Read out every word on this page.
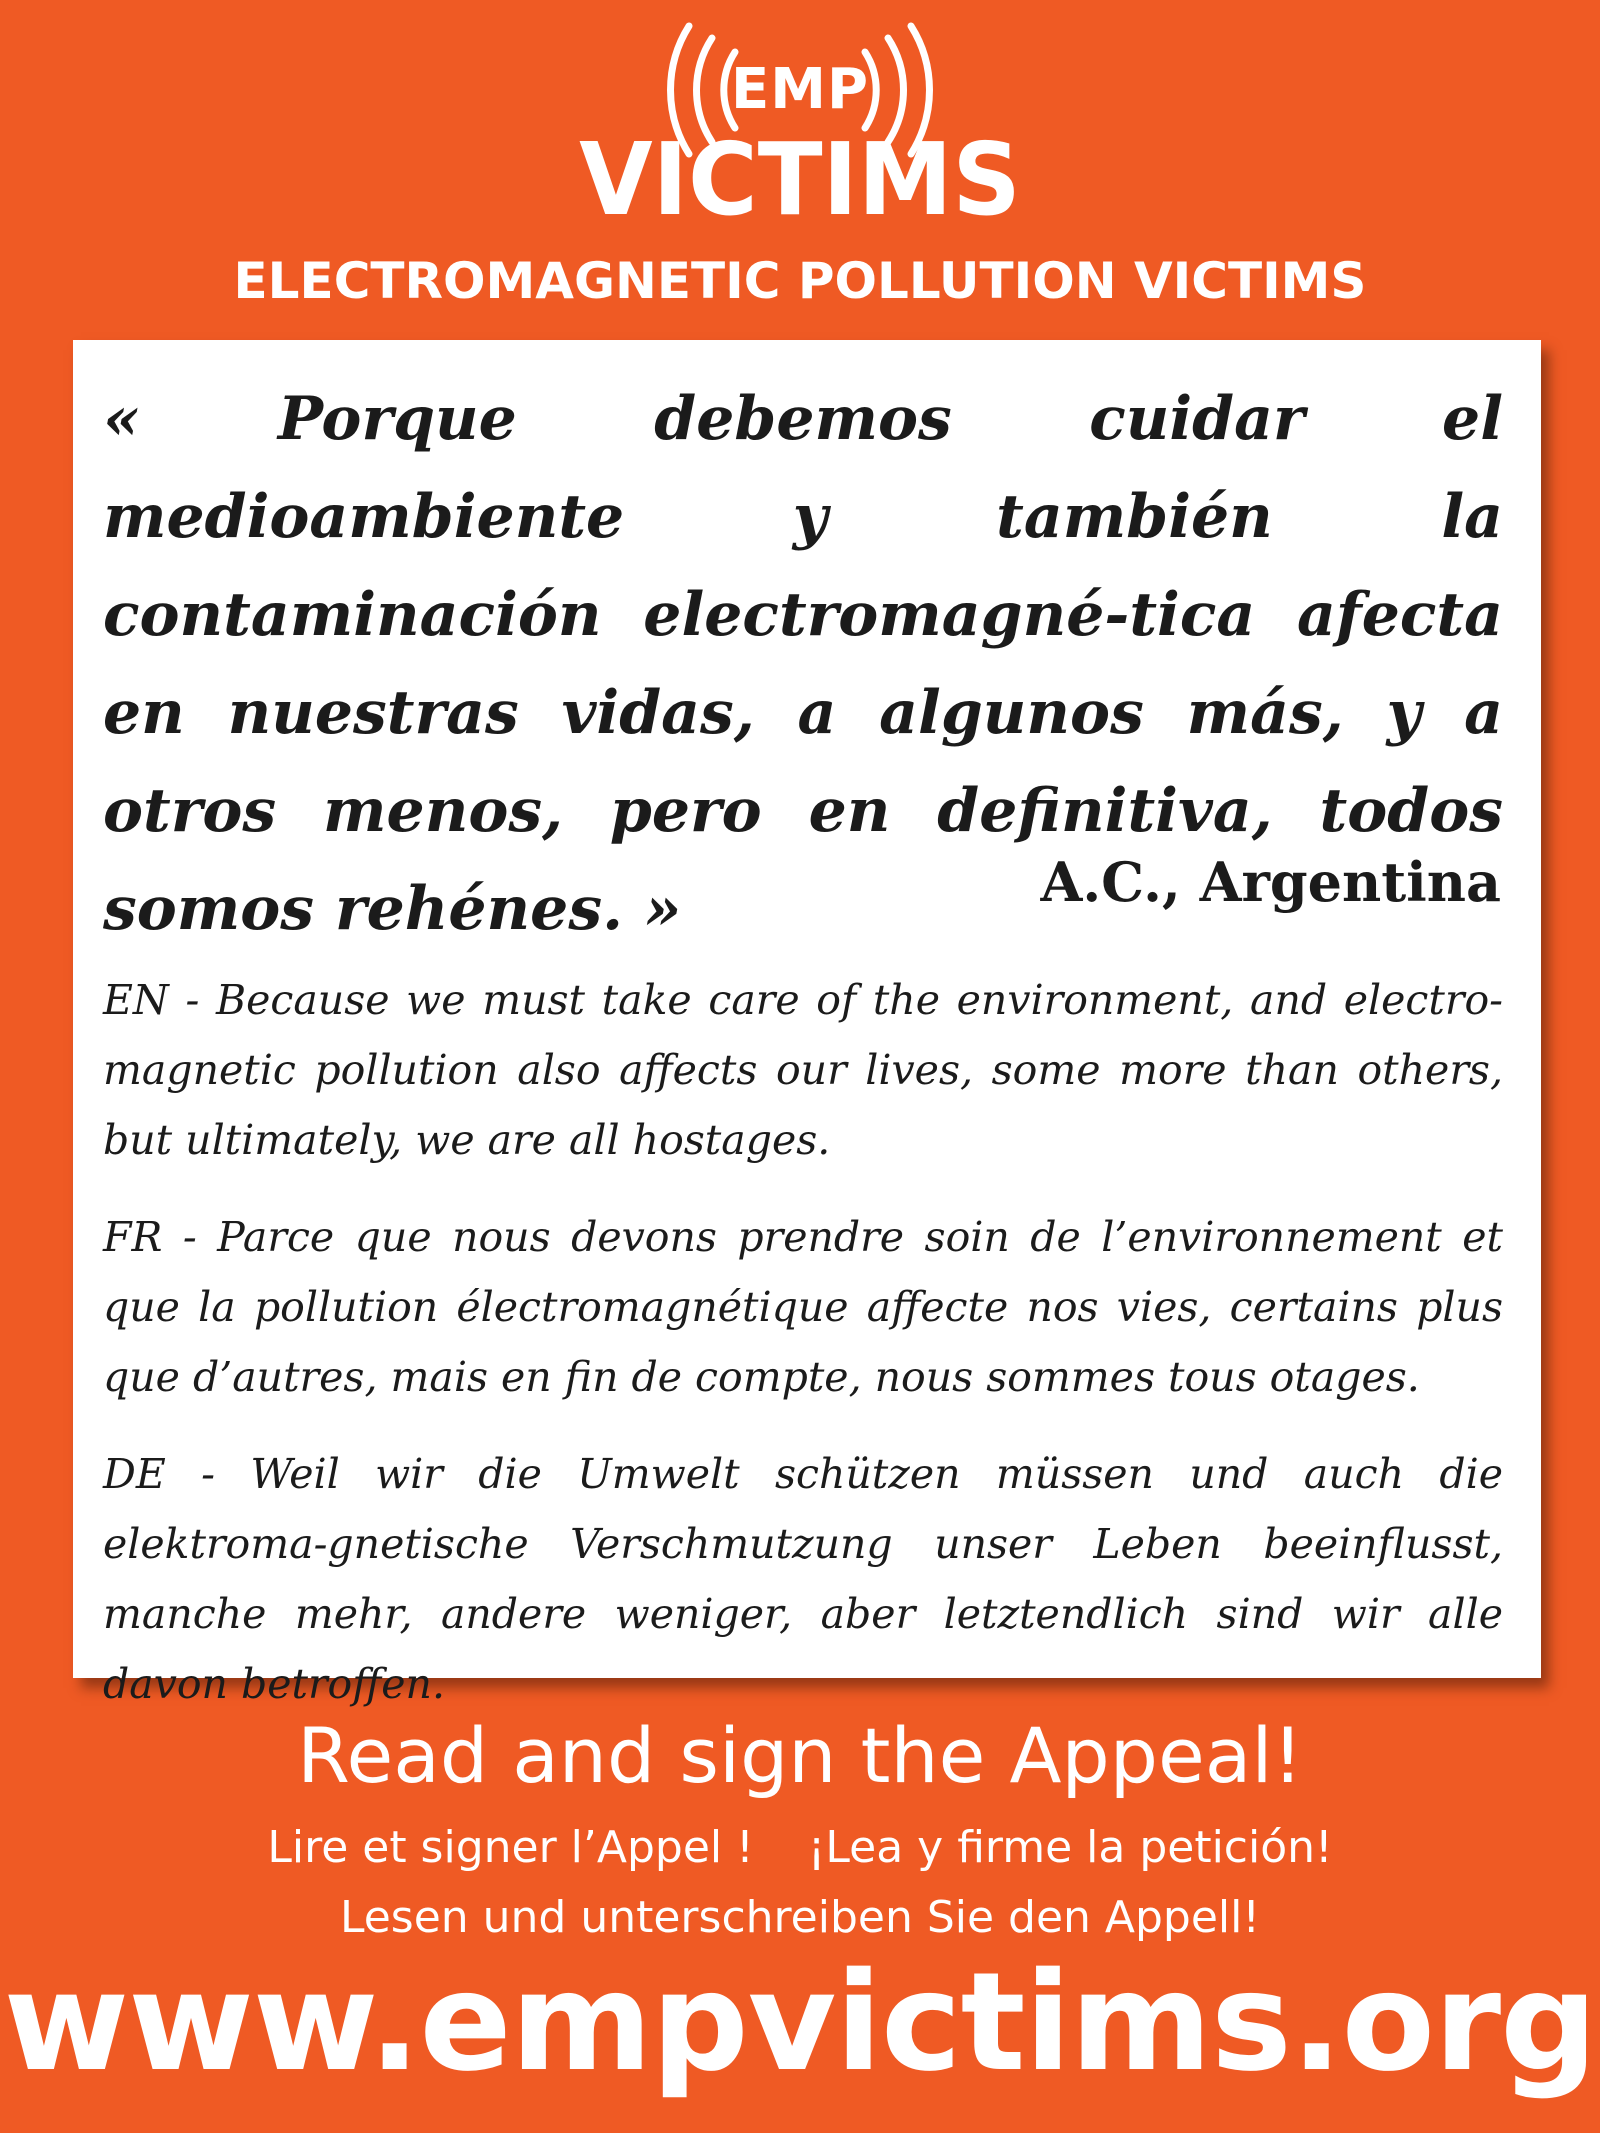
EMP
VICTIMS
ELECTROMAGNETIC POLLUTION VICTIMS
« Porque debemos cuidar el medioambiente y también la contaminación electromagné-tica afecta en nuestras vidas, a algunos más, y a otros menos, pero en definitiva, todos somos rehénes. »	A.C., Argentina
EN - Because we must take care of the environment, and electro-magnetic pollution also affects our lives, some more than others, but ultimately, we are all hostages.
FR - Parce que nous devons prendre soin de l’environnement et que la pollution électromagnétique affecte nos vies, certains plus que d’autres, mais en fin de compte, nous sommes tous otages.
DE - Weil wir die Umwelt schützen müssen und auch die elektroma-gnetische Verschmutzung unser Leben beeinflusst, manche mehr, andere weniger, aber letztendlich sind wir alle davon betroffen.
Read and sign the Appeal!
Lire et signer l’Appel ! ¡Lea y firme la petición!
Lesen und unterschreiben Sie den Appell!
www.empvictims.org
